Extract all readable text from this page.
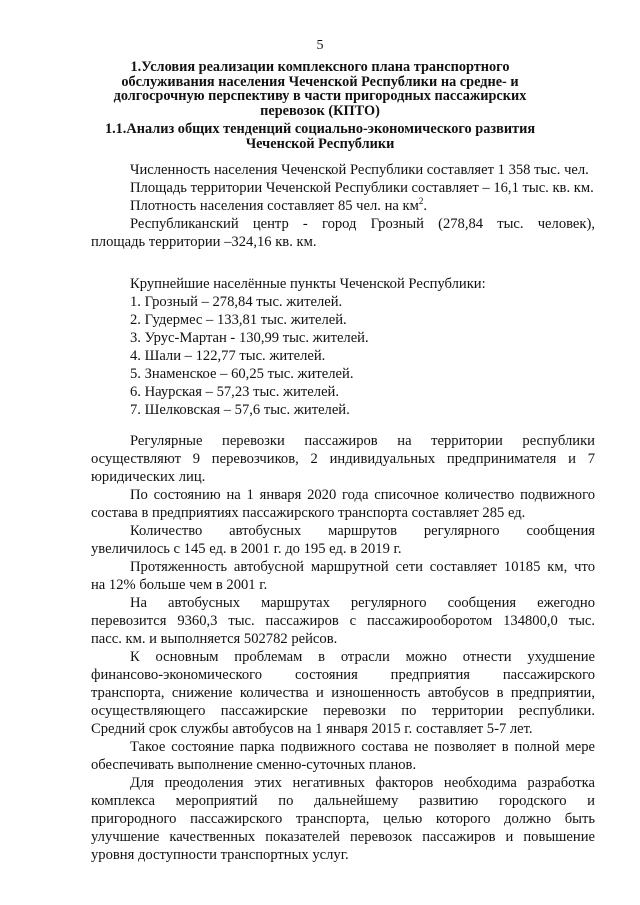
5
1.Условия реализации комплексного плана транспортного
обслуживания населения Чеченской Республики на средне- и
долгосрочную перспективу в части пригородных пассажирских
перевозок (КПТО)
1.1.Анализ общих тенденций социально-экономического развития
Чеченской Республики
Численность населения Чеченской Республики составляет 1 358 тыс. чел.
Площадь территории Чеченской Республики составляет – 16,1 тыс. кв. км.
Плотность населения составляет 85 чел. на $км^2$.
Республиканский центр - город Грозный (278,84 тыс. человек),
площадь территории –324,16 кв. км.
Крупнейшие населённые пункты Чеченской Республики:
1. Грозный – 278,84 тыс. жителей.
2. Гудермес – 133,81 тыс. жителей.
3. Урус-Мартан - 130,99 тыс. жителей.
4. Шали – 122,77 тыс. жителей.
5. Знаменское – 60,25 тыс. жителей.
6. Наурская – 57,23 тыс. жителей.
7. Шелковская – 57,6 тыс. жителей.
Регулярные перевозки пассажиров на территории республики
осуществляют 9 перевозчиков, 2 индивидуальных предпринимателя и 7
юридических лиц.
По состоянию на 1 января 2020 года списочное количество подвижного
состава в предприятиях пассажирского транспорта составляет 285 ед.
Количество автобусных маршрутов регулярного сообщения
увеличилось с 145 ед. в 2001 г. до 195 ед. в 2019 г.
Протяженность автобусной маршрутной сети составляет 10185 км, что
на 12% больше чем в 2001 г.
На автобусных маршрутах регулярного сообщения ежегодно
перевозится 9360,3 тыс. пассажиров с пассажирооборотом 134800,0 тыс.
пасс. км. и выполняется 502782 рейсов.
К основным проблемам в отрасли можно отнести ухудшение
финансово-экономического состояния предприятия пассажирского
транспорта, снижение количества и изношенность автобусов в предприятии,
осуществляющего пассажирские перевозки по территории республики.
Средний срок службы автобусов на 1 января 2015 г. составляет 5-7 лет.
Такое состояние парка подвижного состава не позволяет в полной мере
обеспечивать выполнение сменно-суточных планов.
Для преодоления этих негативных факторов необходима разработка
комплекса мероприятий по дальнейшему развитию городского и
пригородного пассажирского транспорта, целью которого должно быть
улучшение качественных показателей перевозок пассажиров и повышение
уровня доступности транспортных услуг.
